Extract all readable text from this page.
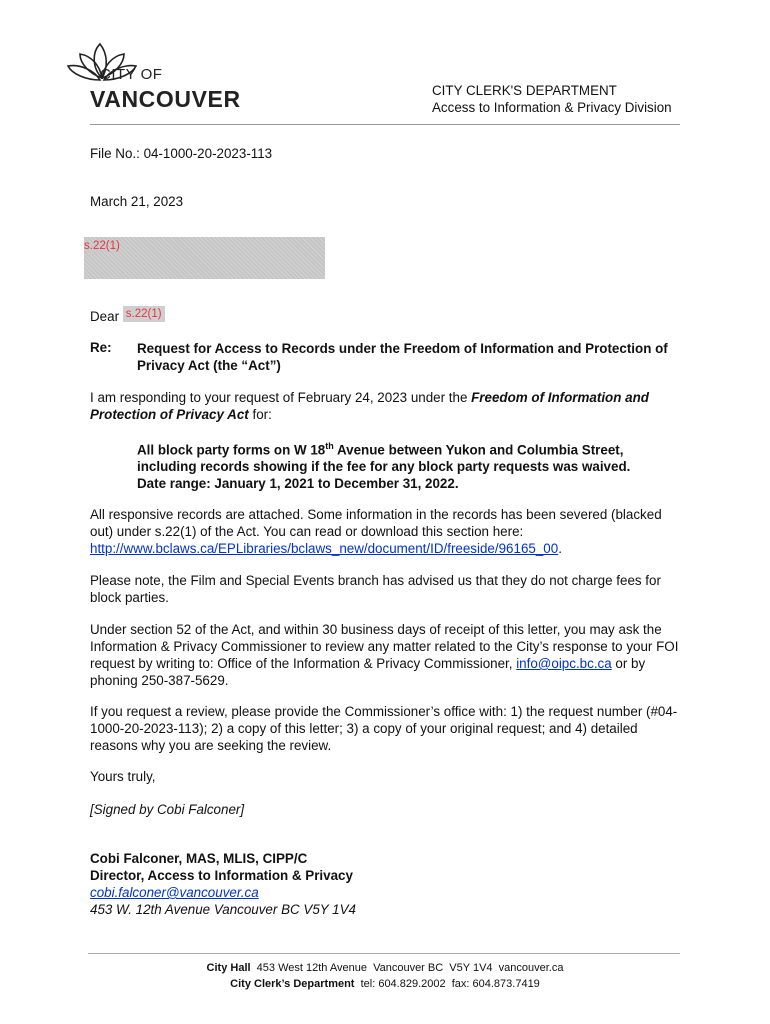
CITY OF
VANCOUVER	CITY CLERK'S DEPARTMENT
Access to Information & Privacy Division
File No.: 04-1000-20-2023-113
March 21, 2023
s.22(1)
Dear s.22(1)
Re: Request for Access to Records under the Freedom of Information and Protection of Privacy Act (the “Act”)
I am responding to your request of February 24, 2023 under the Freedom of Information and Protection of Privacy Act for:
All block party forms on W 18th Avenue between Yukon and Columbia Street, including records showing if the fee for any block party requests was waived. Date range: January 1, 2021 to December 31, 2022.
All responsive records are attached. Some information in the records has been severed (blacked out) under s.22(1) of the Act. You can read or download this section here: http://www.bclaws.ca/EPLibraries/bclaws_new/document/ID/freeside/96165_00.
Please note, the Film and Special Events branch has advised us that they do not charge fees for block parties.
Under section 52 of the Act, and within 30 business days of receipt of this letter, you may ask the Information & Privacy Commissioner to review any matter related to the City’s response to your FOI request by writing to: Office of the Information & Privacy Commissioner, info@oipc.bc.ca or by phoning 250-387-5629.
If you request a review, please provide the Commissioner’s office with: 1) the request number (#04-1000-20-2023-113); 2) a copy of this letter; 3) a copy of your original request; and 4) detailed reasons why you are seeking the review.
Yours truly,
[Signed by Cobi Falconer]
Cobi Falconer, MAS, MLIS, CIPP/C
Director, Access to Information & Privacy
cobi.falconer@vancouver.ca
453 W. 12th Avenue Vancouver BC V5Y 1V4
City Hall  453 West 12th Avenue  Vancouver BC  V5Y 1V4  vancouver.ca
City Clerk’s Department  tel: 604.829.2002  fax: 604.873.7419
